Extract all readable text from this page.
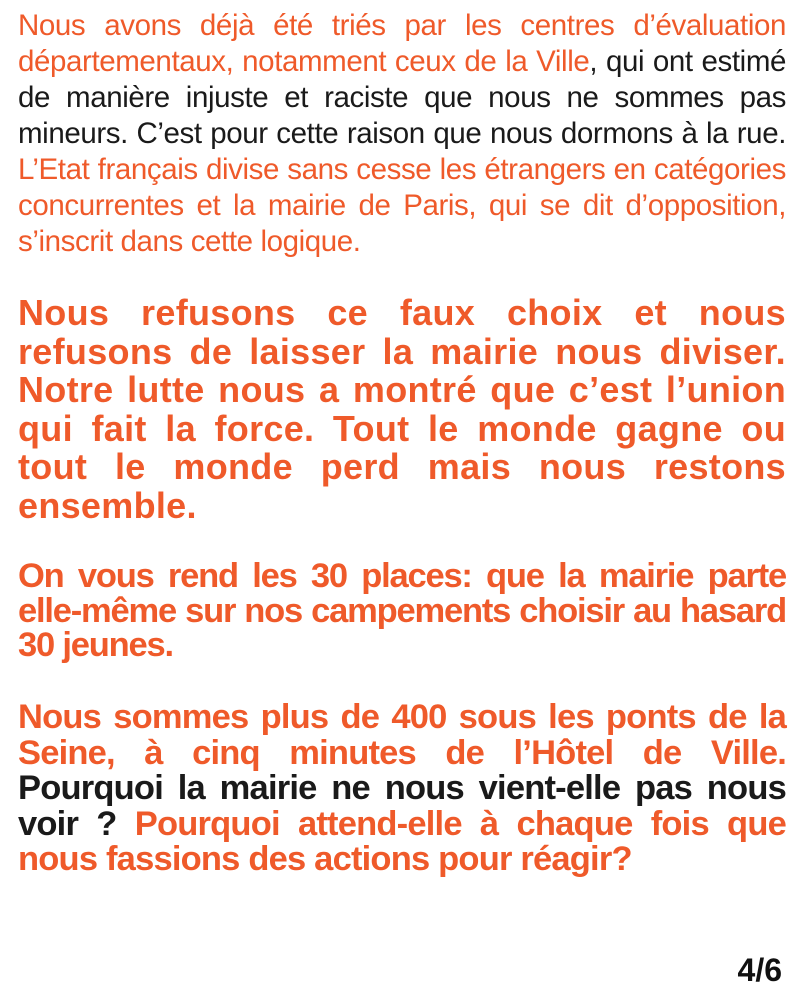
Nous avons déjà été triés par les centres d’évaluation départementaux, notamment ceux de la Ville, qui ont estimé de manière injuste et raciste que nous ne sommes pas mineurs. C’est pour cette raison que nous dormons à la rue. L’Etat français divise sans cesse les étrangers en catégories concurrentes et la mairie de Paris, qui se dit d’opposition, s’inscrit dans cette logique.

Nous refusons ce faux choix et nous refusons de laisser la mairie nous diviser. Notre lutte nous a montré que c’est l’union qui fait la force. Tout le monde gagne ou tout le monde perd mais nous restons ensemble.

On vous rend les 30 places: que la mairie parte elle-même sur nos campements choisir au hasard 30 jeunes.

Nous sommes plus de 400 sous les ponts de la Seine, à cinq minutes de l’Hôtel de Ville. Pourquoi la mairie ne nous vient-elle pas nous voir ? Pourquoi attend-elle à chaque fois que nous fassions des actions pour réagir?

4/6
